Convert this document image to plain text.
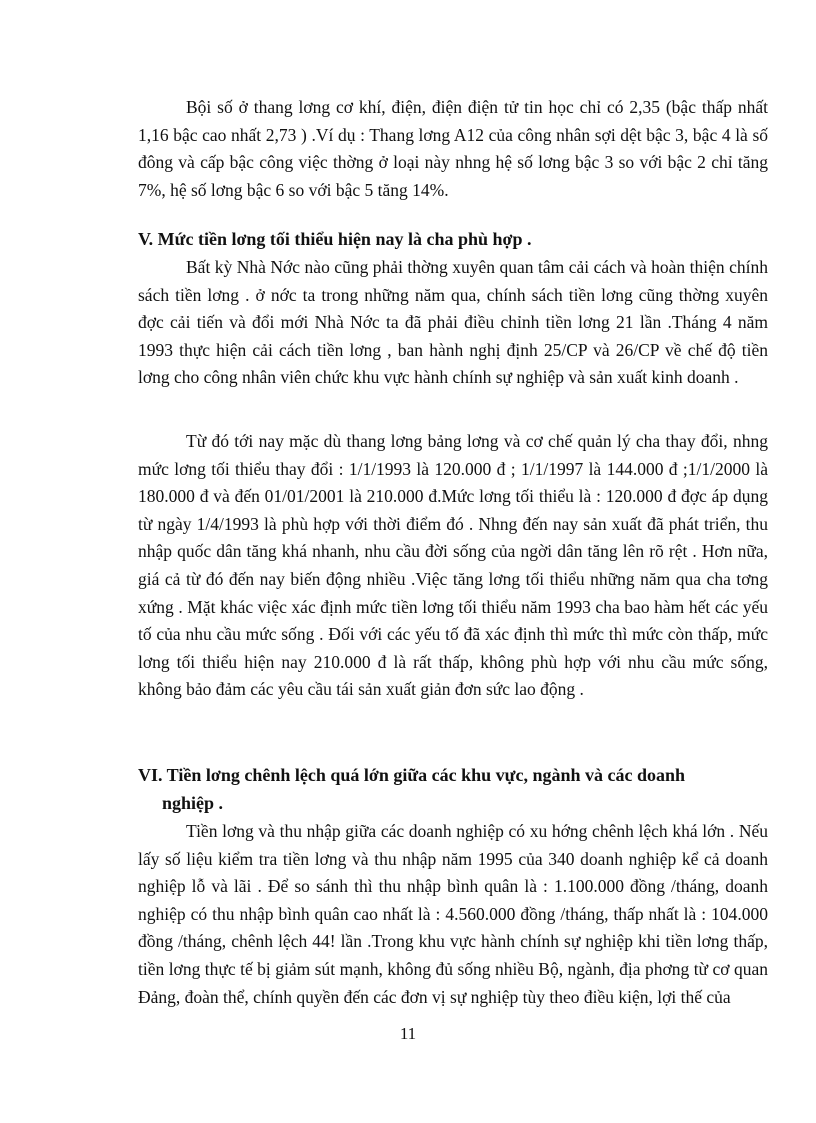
Bội số ở thang lơng cơ khí, điện, điện điện tử tin học chỉ có 2,35 (bậc thấp nhất 1,16 bậc cao nhất 2,73 ) .Ví dụ : Thang lơng A12 của công nhân sợi dệt bậc 3, bậc 4 là số đông và cấp bậc công việc thờng ở loại này nhng hệ số lơng bậc 3 so với bậc 2 chỉ tăng 7%, hệ số lơng bậc 6 so với bậc 5 tăng 14%.

V. Mức tiền lơng tối thiểu hiện nay là cha phù hợp .

Bất kỳ Nhà Nớc nào cũng phải thờng xuyên quan tâm cải cách và hoàn thiện chính sách tiền lơng . ở nớc ta trong những năm qua, chính sách tiền lơng cũng thờng xuyên đợc cải tiến và đổi mới Nhà Nớc ta đã phải điều chỉnh tiền lơng 21 lần .Tháng 4 năm 1993 thực hiện cải cách tiền lơng , ban hành nghị định 25/CP và 26/CP về chế độ tiền lơng cho công nhân viên chức khu vực hành chính sự nghiệp và sản xuất kinh doanh .

Từ đó tới nay mặc dù thang lơng bảng lơng và cơ chế quản lý cha thay đổi, nhng mức lơng tối thiểu thay đổi : 1/1/1993 là 120.000 đ ; 1/1/1997 là 144.000 đ ;1/1/2000 là 180.000 đ và đến 01/01/2001 là 210.000 đ.Mức lơng tối thiểu là : 120.000 đ đợc áp dụng từ ngày 1/4/1993 là phù hợp với thời điểm đó . Nhng đến nay sản xuất đã phát triển, thu nhập quốc dân tăng khá nhanh, nhu cầu đời sống của ngời dân tăng lên rõ rệt . Hơn nữa, giá cả từ đó đến nay biến động nhiều .Việc tăng lơng tối thiểu những năm qua cha tơng xứng . Mặt khác việc xác định mức tiền lơng tối thiểu năm 1993 cha bao hàm hết các yếu tố của nhu cầu mức sống . Đối với các yếu tố đã xác định thì mức thì mức còn thấp, mức lơng tối thiểu hiện nay 210.000 đ là rất thấp, không phù hợp với nhu cầu mức sống, không bảo đảm các yêu cầu tái sản xuất giản đơn sức lao động .

VI. Tiền lơng chênh lệch quá lớn giữa các khu vực, ngành và các doanh
nghiệp .

Tiền lơng và thu nhập giữa các doanh nghiệp có xu hớng chênh lệch khá lớn . Nếu lấy số liệu kiểm tra tiền lơng và thu nhập năm 1995 của 340 doanh nghiệp kể cả doanh nghiệp lỗ và lãi . Để so sánh thì thu nhập bình quân là : 1.100.000 đồng /tháng, doanh nghiệp có thu nhập bình quân cao nhất là : 4.560.000 đồng /tháng, thấp nhất là : 104.000 đồng /tháng, chênh lệch 44! lần .Trong khu vực hành chính sự nghiệp khi tiền lơng thấp, tiền lơng thực tế bị giảm sút mạnh, không đủ sống nhiều Bộ, ngành, địa phơng từ cơ quan Đảng, đoàn thể, chính quyền đến các đơn vị sự nghiệp tùy theo điều kiện, lợi thế của

11
